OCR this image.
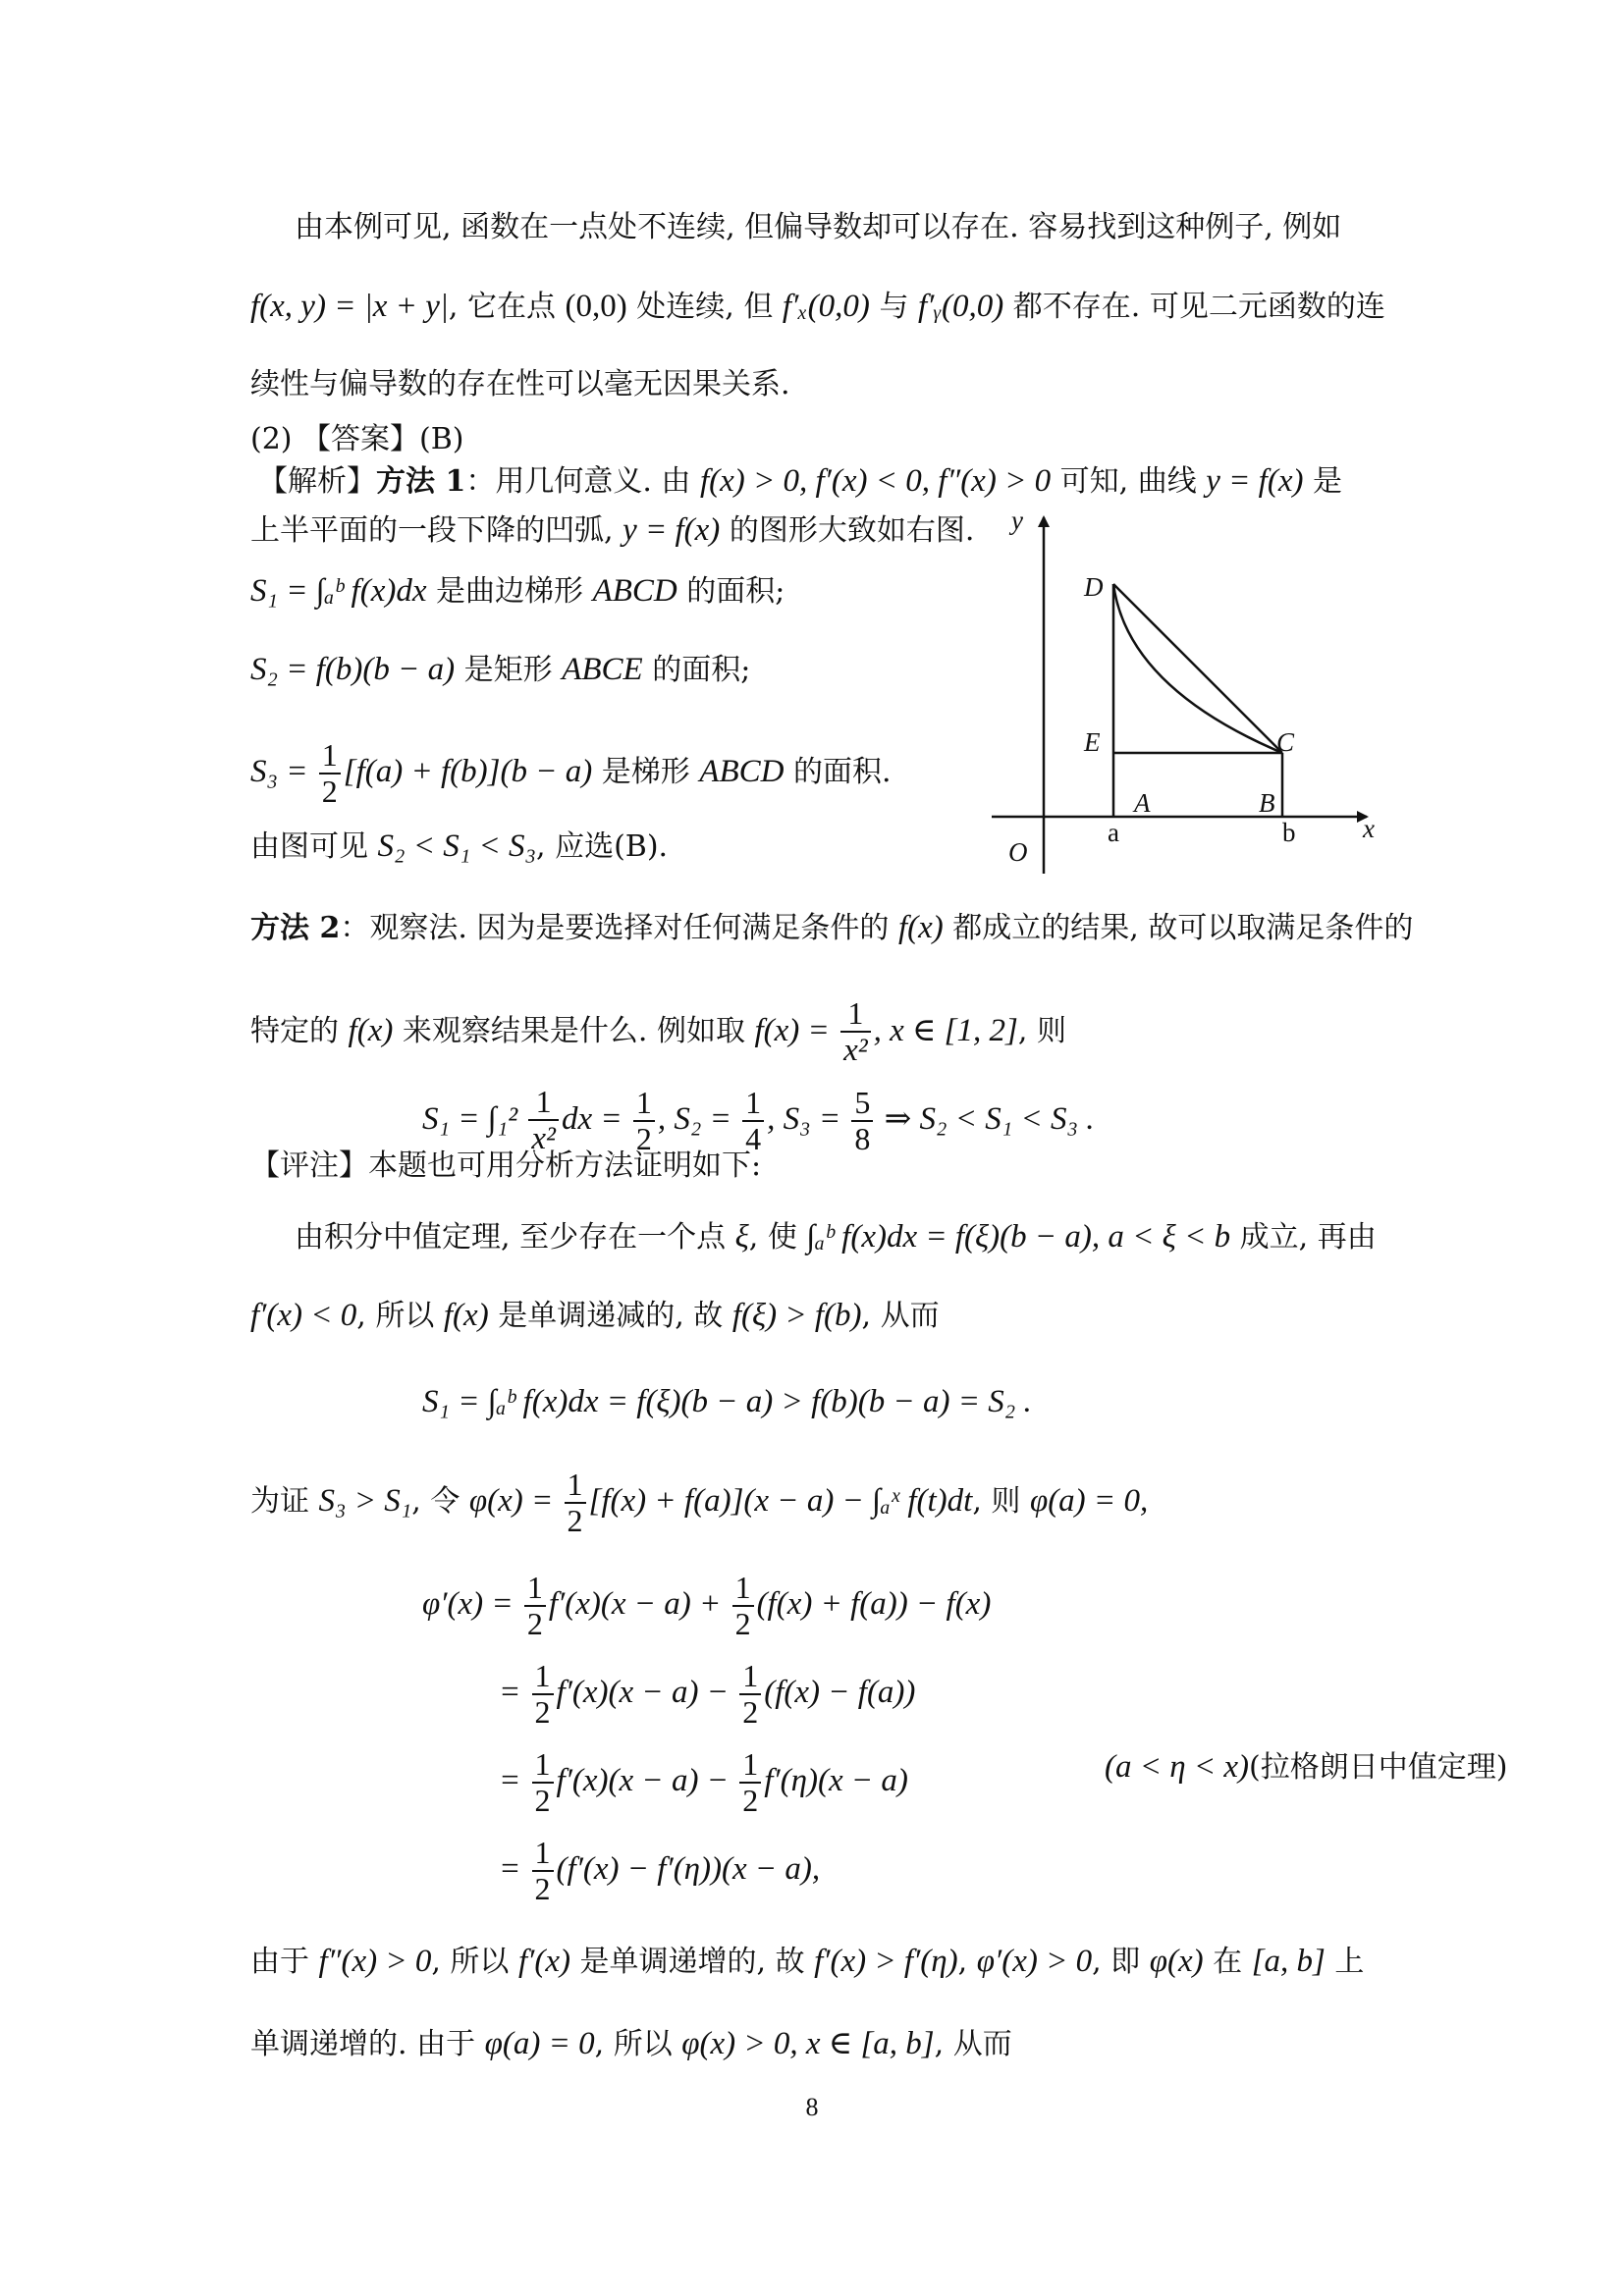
由本例可见, 函数在一点处不连续, 但偏导数却可以存在. 容易找到这种例子, 例如
f(x, y) = |x + y|, 它在点 (0,0) 处连续, 但 f′ₓ(0,0) 与 f′ᵧ(0,0) 都不存在. 可见二元函数的连
续性与偏导数的存在性可以毫无因果关系.
(2) 【答案】(B)
【解析】方法 1：用几何意义. 由 f(x) > 0, f′(x) < 0, f″(x) > 0 可知, 曲线 y = f(x) 是
上半平面的一段下降的凹弧, y = f(x) 的图形大致如右图.
S₁ = ∫ₐᵇ f(x)dx 是曲边梯形 ABCD 的面积;
S₂ = f(b)(b − a) 是矩形 ABCE 的面积;
$S_3 = \frac{1}{2} [f(a) + f(b)](b - a)$ 是梯形 ABCD 的面积.
由图可见 S₂ < S₁ < S₃, 应选(B).
y
x
O
D
E	C
A	B
a	b
方法 2：观察法. 因为是要选择对任何满足条件的 f(x) 都成立的结果, 故可以取满足条件的
特定的 f(x) 来观察结果是什么. 例如取 $f(x) = \frac{1}{\text{x²}}$ , x ∈ [1, 2], 则
$S_1 = \int_1^2 \frac{1}{\text{x²}}$ dx = $\frac{1}{2}$ , $S_2 = \frac{1}{4}$ , $S_3 = \frac{5}{8}$ ⇒ S₂ < S₁ < S₃ .
【评注】本题也可用分析方法证明如下:
由积分中值定理, 至少存在一个点 ξ, 使 ∫ₐᵇ f(x)dx = f(ξ)(b − a), a < ξ < b 成立, 再由
f′(x) < 0, 所以 f(x) 是单调递减的, 故 f(ξ) > f(b), 从而
S₁ = ∫ₐᵇ f(x)dx = f(ξ)(b − a) > f(b)(b − a) = S₂ .
为证 S₃ > S₁, 令 $\varphi(x) = \frac{1}{2} [f(x) + f(a)](x - a)$ − ∫ₐˣ f(t)dt, 则 φ(a) = 0,
$\varphi'(x) = \frac{1}{2} f'(x)(x - a) + \frac{1}{2} (f(x) + f(a)) - f(x)$
= $\frac{1}{2} f'(x)(x - a) - \frac{1}{2} (f(x) - f(a))$
= $\frac{1}{2} f'(x)(x - a) - \frac{1}{2} f'(\eta)(x - a)$	(a < η < x)(拉格朗日中值定理)
= $\frac{1}{2} (f'(x) - f'(\eta))(x - a)$,
由于 f″(x) > 0, 所以 f′(x) 是单调递增的, 故 f′(x) > f′(η), φ′(x) > 0, 即 φ(x) 在 [a, b] 上
单调递增的. 由于 φ(a) = 0, 所以 φ(x) > 0, x ∈ [a, b], 从而
8
